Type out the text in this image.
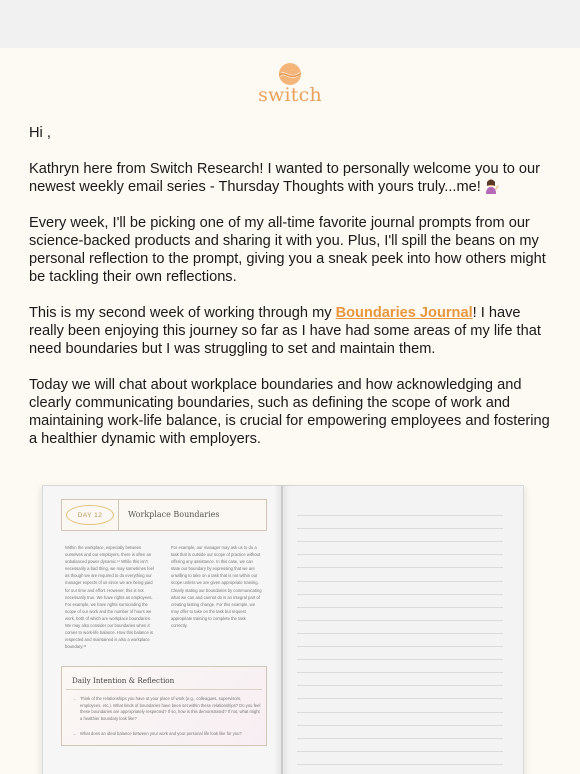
switch

Hi ,

Kathryn here from Switch Research! I wanted to personally welcome you to our newest weekly email series - Thursday Thoughts with yours truly...me!

Every week, I'll be picking one of my all-time favorite journal prompts from our science-backed products and sharing it with you. Plus, I'll spill the beans on my personal reflection to the prompt, giving you a sneak peek into how others might be tackling their own reflections.

This is my second week of working through my Boundaries Journal! I have really been enjoying this journey so far as I have had some areas of my life that need boundaries but I was struggling to set and maintain them.

Today we will chat about workplace boundaries and how acknowledging and clearly communicating boundaries, such as defining the scope of work and maintaining work-life balance, is crucial for empowering employees and fostering a healthier dynamic with employers.

DAY 12	Workplace Boundaries
Within the workplace, especially between ourselves and our employers, there is often an unbalanced power dynamic.¹² While this isn't necessarily a bad thing, we may sometimes feel as though we are required to do everything our manager expects of us since we are being paid for our time and effort. However, this is not necessarily true. We have rights as employees. For example, we have rights surrounding the scope of our work and the number of hours we work, both of which are workplace boundaries. We may also consider our boundaries when it comes to work-life balance. How this balance is respected and maintained is also a workplace boundary.¹³
For example, our manager may ask us to do a task that is outside our scope of practice without offering any assistance. In this case, we can state our boundary by expressing that we are unwilling to take on a task that is not within our scope unless we are given appropriate training. Clearly stating our boundaries by communicating what we can and cannot do is an integral part of creating lasting change. For this example, we may offer to take on the task but request appropriate training to complete the task correctly.
Daily Intention & Reflection
→ Think of the relationships you have at your place of work (e.g., colleagues, supervisors, employees, etc.). What kinds of boundaries have been set within these relationships? Do you feel these boundaries are appropriately respected? If so, how is this demonstrated? If not, what might a healthier boundary look like?
→ What does an ideal balance between your work and your personal life look like for you?
